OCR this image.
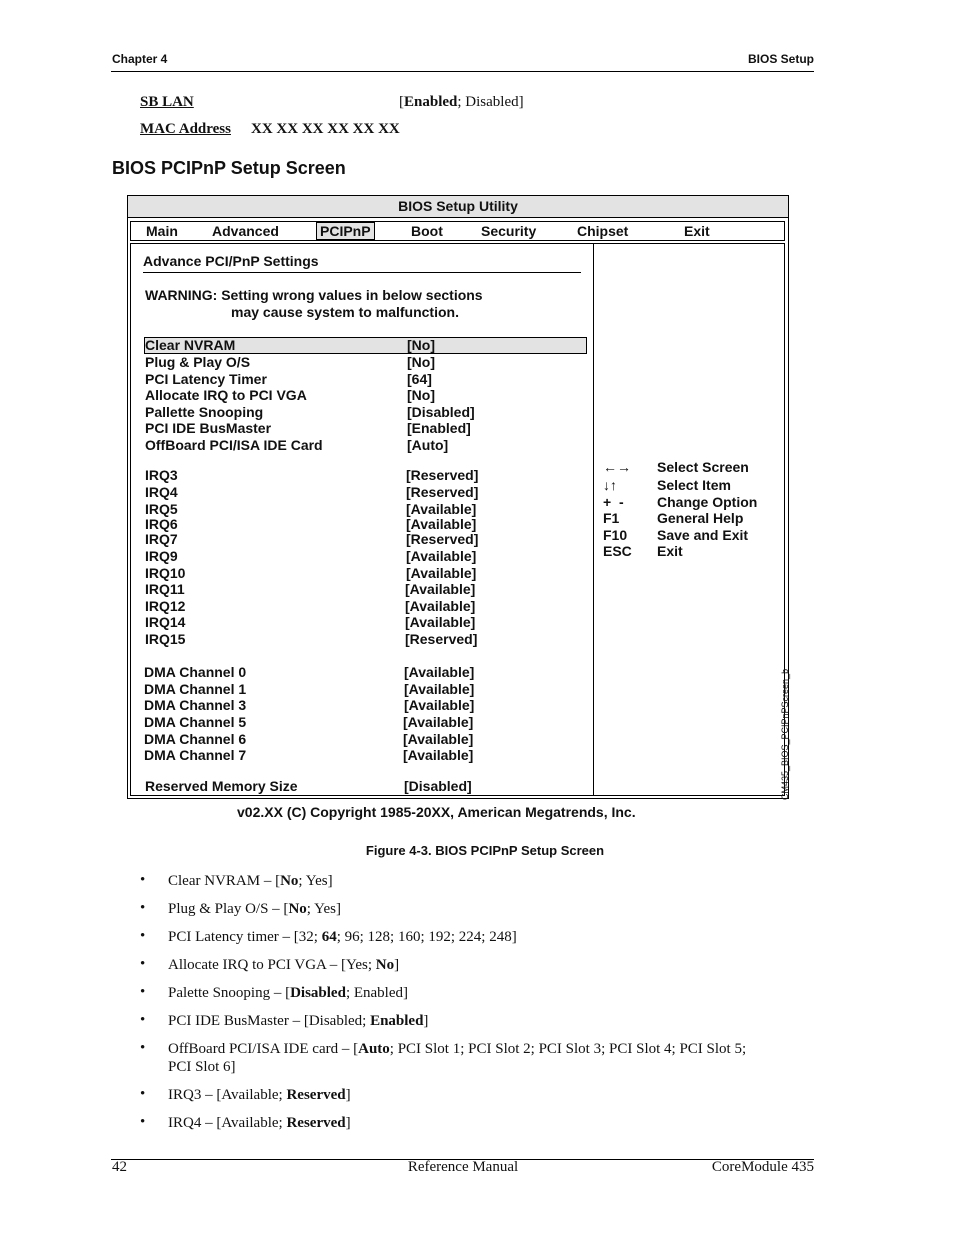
Chapter 4	BIOS Setup
SB LAN	[Enabled; Disabled]
MAC Address XX XX XX XX XX XX
BIOS PCIPnP Setup Screen
BIOS Setup Utility
Main Advanced	PCIPnP	Boot	Security	Chipset	Exit
Advance PCI/PnP Settings
WARNING: Setting wrong values in below sections
may cause system to malfunction.
Clear NVRAM	[No]
Plug & Play O/S	[No]
PCI Latency Timer	[64]
Allocate IRQ to PCI VGA	[No]
Pallette Snooping	[Disabled]
PCI IDE BusMaster	[Enabled]
OffBoard PCI/ISA IDE Card	[Auto]
IRQ3	[Reserved]
IRQ4	[Reserved]
IRQ5	[Available]
IRQ6	[Available]
IRQ7	[Reserved]
IRQ9	[Available]
IRQ10	[Available]
IRQ11	[Available]
IRQ12	[Available]
IRQ14	[Available]
IRQ15	[Reserved]
DMA Channel 0	[Available]
DMA Channel 1	[Available]
DMA Channel 3	[Available]
DMA Channel 5	[Available]
DMA Channel 6	[Available]
DMA Channel 7	[Available]
Reserved Memory Size	[Disabled]
←→ Select Screen
↓↑	Select Item
+  - Change Option
F1	General Help
F10 Save and Exit
ESC Exit
CM435_BIOS_PCIPnPScreen_b
v02.XX (C) Copyright 1985-20XX, American Megatrends, Inc.
Figure 4-3. BIOS PCIPnP Setup Screen
• Clear NVRAM – [No; Yes]
• Plug & Play O/S – [No; Yes]
• PCI Latency timer – [32; 64; 96; 128; 160; 192; 224; 248]
• Allocate IRQ to PCI VGA – [Yes; No]
• Palette Snooping – [Disabled; Enabled]
• PCI IDE BusMaster – [Disabled; Enabled]
• OffBoard PCI/ISA IDE card – [Auto; PCI Slot 1; PCI Slot 2; PCI Slot 3; PCI Slot 4; PCI Slot 5;
PCI Slot 6]
• IRQ3 – [Available; Reserved]
• IRQ4 – [Available; Reserved]
42	Reference Manual	CoreModule 435
